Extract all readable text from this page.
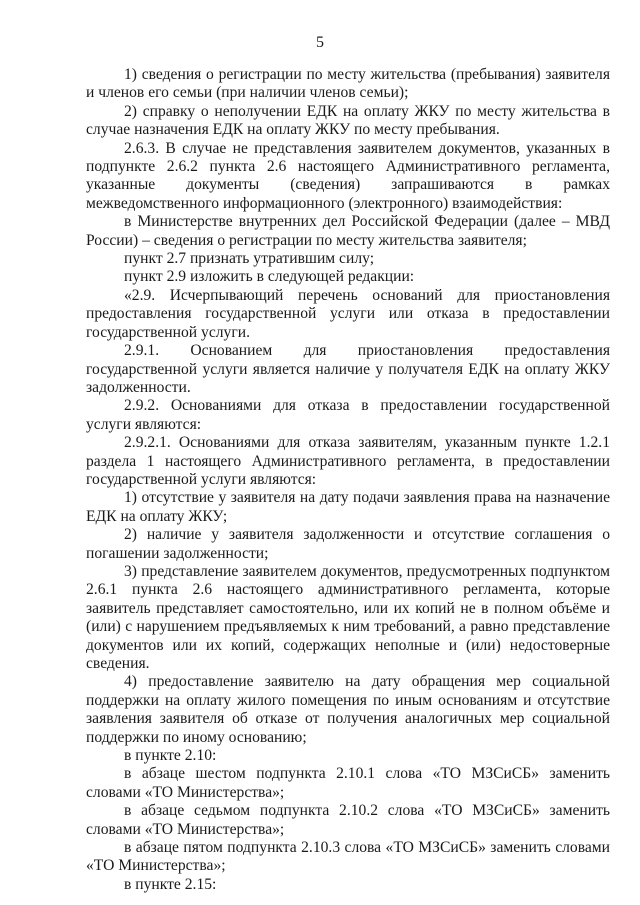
5

1) сведения о регистрации по месту жительства (пребывания) заявителя и членов его семьи (при наличии членов семьи);

2) справку о неполучении ЕДК на оплату ЖКУ по месту жительства в случае назначения ЕДК на оплату ЖКУ по месту пребывания.

2.6.3. В случае не представления заявителем документов, указанных в подпункте 2.6.2 пункта 2.6 настоящего Административного регламента, указанные документы (сведения) запрашиваются в рамках межведомственного информационного (электронного) взаимодействия:

в Министерстве внутренних дел Российской Федерации (далее – МВД России) – сведения о регистрации по месту жительства заявителя;

пункт 2.7 признать утратившим силу;

пункт 2.9 изложить в следующей редакции:

«2.9. Исчерпывающий перечень оснований для приостановления предоставления государственной услуги или отказа в предоставлении государственной услуги.

2.9.1. Основанием для приостановления предоставления государственной услуги является наличие у получателя ЕДК на оплату ЖКУ задолженности.

2.9.2. Основаниями для отказа в предоставлении государственной услуги являются:

2.9.2.1. Основаниями для отказа заявителям, указанным пункте 1.2.1 раздела 1 настоящего Административного регламента, в предоставлении государственной услуги являются:

1) отсутствие у заявителя на дату подачи заявления права на назначение ЕДК на оплату ЖКУ;

2) наличие у заявителя задолженности и отсутствие соглашения о погашении задолженности;

3) представление заявителем документов, предусмотренных подпунктом 2.6.1 пункта 2.6 настоящего административного регламента, которые заявитель представляет самостоятельно, или их копий не в полном объёме и (или) с нарушением предъявляемых к ним требований, а равно представление документов или их копий, содержащих неполные и (или) недостоверные сведения.

4) предоставление заявителю на дату обращения мер социальной поддержки на оплату жилого помещения по иным основаниям и отсутствие заявления заявителя об отказе от получения аналогичных мер социальной поддержки по иному основанию;

в пункте 2.10:

в абзаце шестом подпункта 2.10.1 слова «ТО МЗСиСБ» заменить словами «ТО Министерства»;

в абзаце седьмом подпункта 2.10.2 слова «ТО МЗСиСБ» заменить словами «ТО Министерства»;

в абзаце пятом подпункта 2.10.3 слова «ТО МЗСиСБ» заменить словами «ТО Министерства»;

в пункте 2.15:
